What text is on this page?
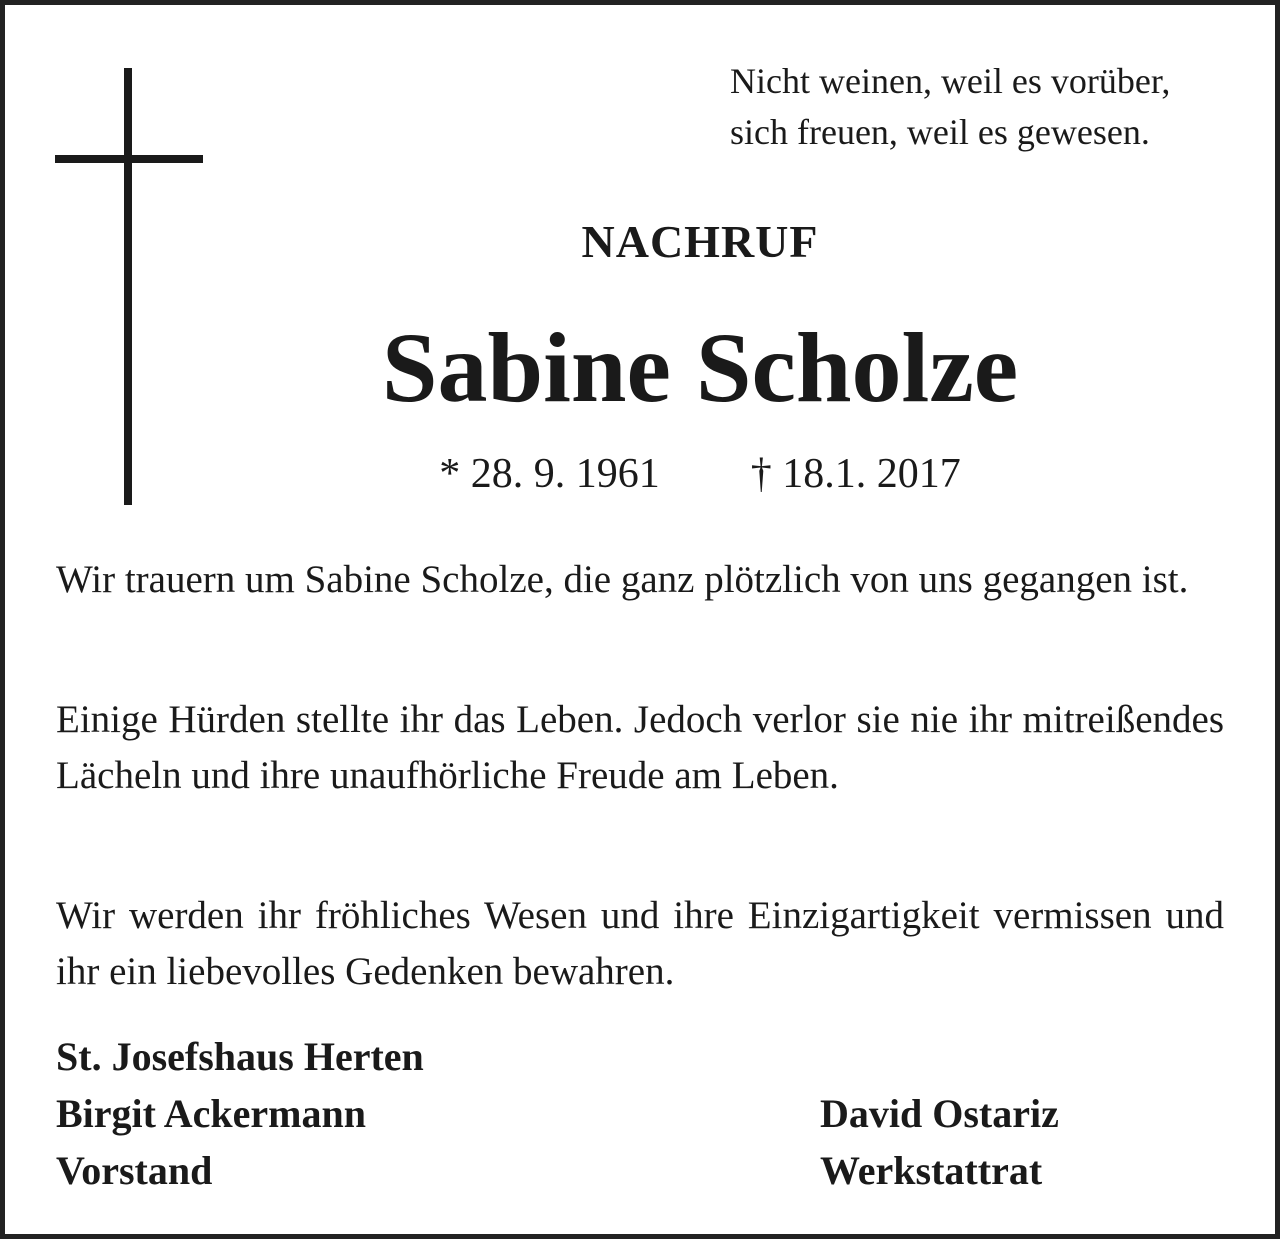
Nicht weinen, weil es vorüber,
sich freuen, weil es gewesen.

NACHRUF
Sabine Scholze
* 28. 9. 1961 † 18.1. 2017

Wir trauern um Sabine Scholze, die ganz plötzlich von uns gegangen ist.

Einige Hürden stellte ihr das Leben. Jedoch verlor sie nie ihr mitreißendes Lächeln und ihre unaufhörliche Freude am Leben.

Wir werden ihr fröhliches Wesen und ihre Einzigartigkeit vermissen und ihr ein liebevolles Gedenken bewahren.

St. Josefshaus Herten
Birgit Ackermann
Vorstand
David Ostariz
Werkstattrat
